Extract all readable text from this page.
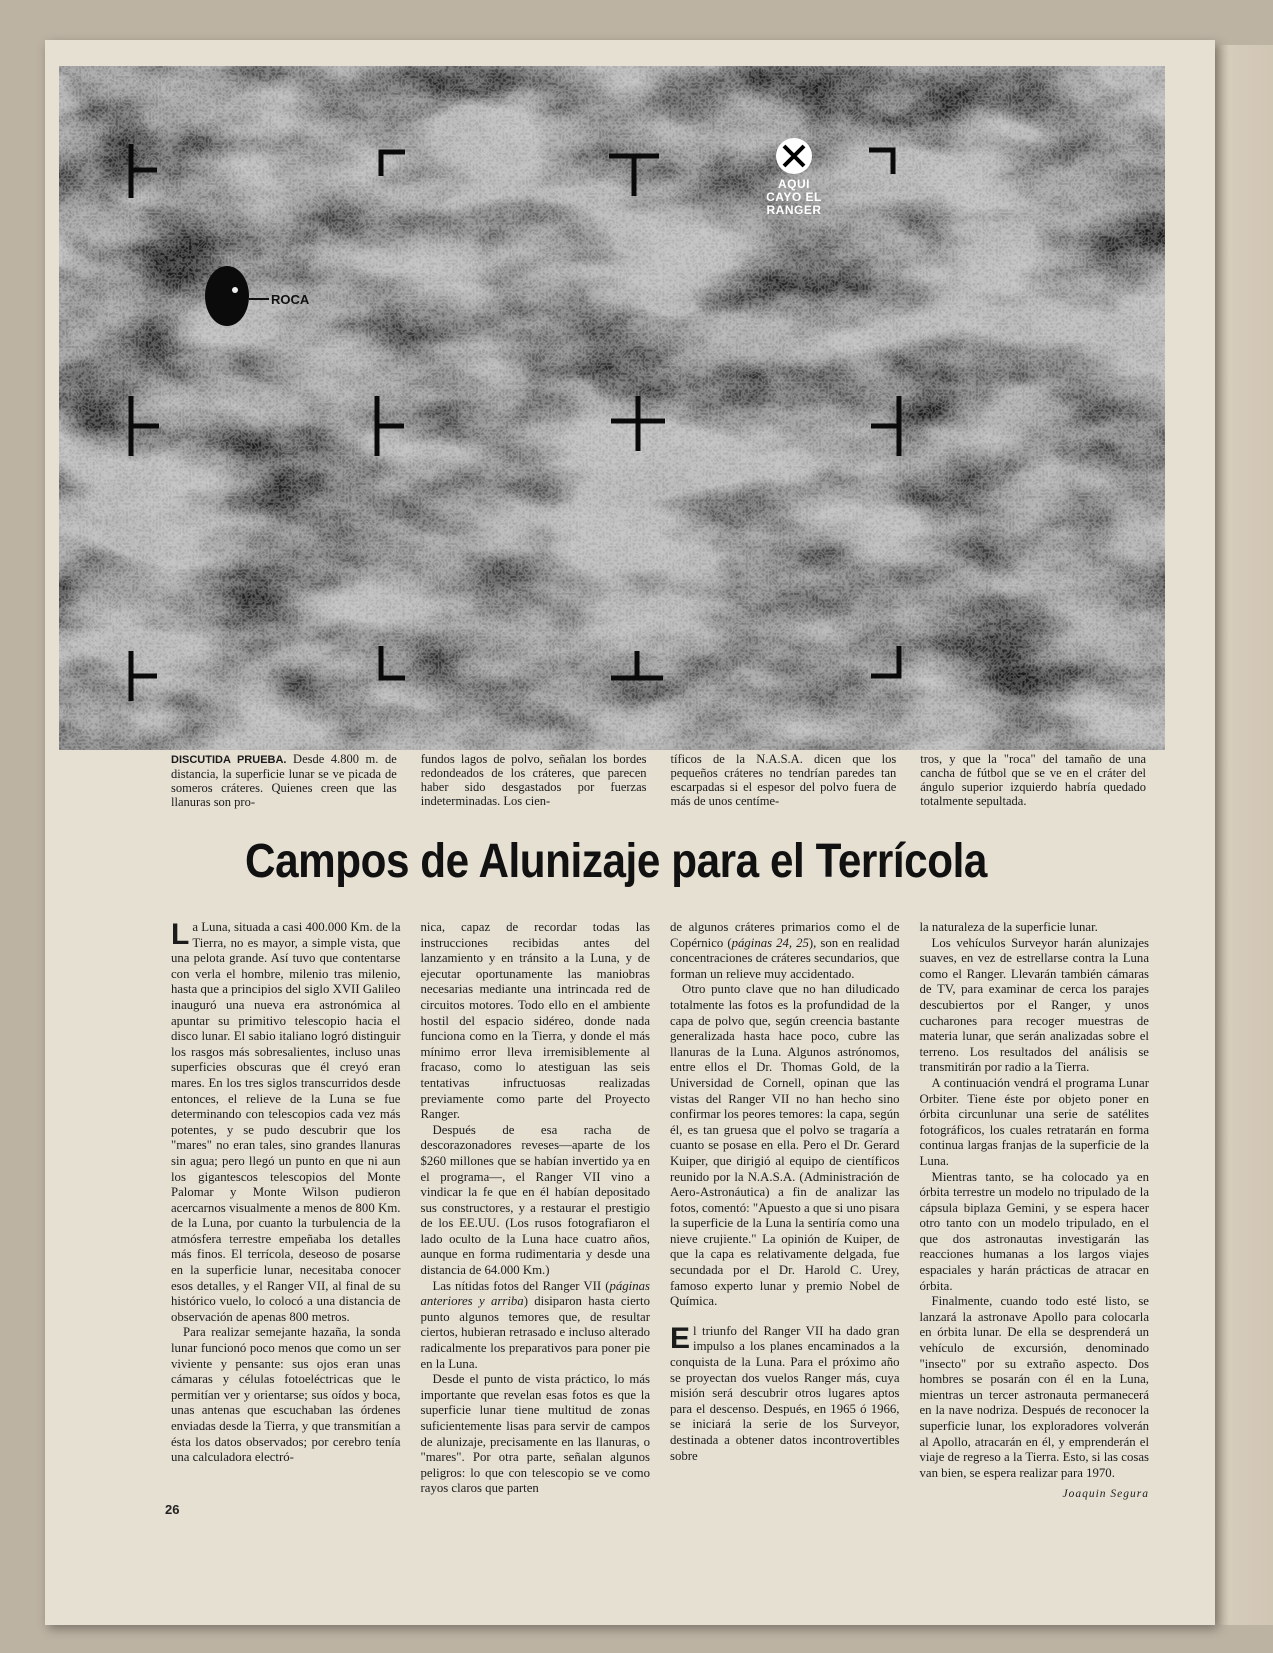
AQUI CAYO EL RANGER
ROCA
DISCUTIDA PRUEBA. Desde 4.800 m. de distancia, la superficie lunar se ve picada de someros cráteres. Quienes creen que las llanuras son pro-
fundos lagos de polvo, señalan los bordes redondeados de los cráteres, que parecen haber sido desgastados por fuerzas indeterminadas. Los cien-
tíficos de la N.A.S.A. dicen que los pequeños cráteres no tendrían paredes tan escarpadas si el espesor del polvo fuera de más de unos centíme-
tros, y que la "roca" del tamaño de una cancha de fútbol que se ve en el cráter del ángulo superior izquierdo habría quedado totalmente sepultada.
Campos de Alunizaje para el Terrícola

La Luna, situada a casi 400.000 Km. de la Tierra, no es mayor, a simple vista, que una pelota grande. Así tuvo que contentarse con verla el hombre, milenio tras milenio, hasta que a principios del siglo XVII Galileo inauguró una nueva era astronómica al apuntar su primitivo telescopio hacia el disco lunar. El sabio italiano logró distinguir los rasgos más sobresalientes, incluso unas superficies obscuras que él creyó eran mares. En los tres siglos transcurridos desde entonces, el relieve de la Luna se fue determinando con telescopios cada vez más potentes, y se pudo descubrir que los "mares" no eran tales, sino grandes llanuras sin agua; pero llegó un punto en que ni aun los gigantescos telescopios del Monte Palomar y Monte Wilson pudieron acercarnos visualmente a menos de 800 Km. de la Luna, por cuanto la turbulencia de la atmósfera terrestre empeñaba los detalles más finos. El terrícola, deseoso de posarse en la superficie lunar, necesitaba conocer esos detalles, y el Ranger VII, al final de su histórico vuelo, lo colocó a una distancia de observación de apenas 800 metros.

Para realizar semejante hazaña, la sonda lunar funcionó poco menos que como un ser viviente y pensante: sus ojos eran unas cámaras y células fotoeléctricas que le permitían ver y orientarse; sus oídos y boca, unas antenas que escuchaban las órdenes enviadas desde la Tierra, y que transmitían a ésta los datos observados; por cerebro tenía una calculadora electró-

nica, capaz de recordar todas las instrucciones recibidas antes del lanzamiento y en tránsito a la Luna, y de ejecutar oportunamente las maniobras necesarias mediante una intrincada red de circuitos motores. Todo ello en el ambiente hostil del espacio sidéreo, donde nada funciona como en la Tierra, y donde el más mínimo error lleva irremisiblemente al fracaso, como lo atestiguan las seis tentativas infructuosas realizadas previamente como parte del Proyecto Ranger.

Después de esa racha de descorazonadores reveses—aparte de los $260 millones que se habían invertido ya en el programa—, el Ranger VII vino a vindicar la fe que en él habían depositado sus constructores, y a restaurar el prestigio de los EE.UU. (Los rusos fotografiaron el lado oculto de la Luna hace cuatro años, aunque en forma rudimentaria y desde una distancia de 64.000 Km.)

Las nítidas fotos del Ranger VII (páginas anteriores y arriba) disiparon hasta cierto punto algunos temores que, de resultar ciertos, hubieran retrasado e incluso alterado radicalmente los preparativos para poner pie en la Luna.

Desde el punto de vista práctico, lo más importante que revelan esas fotos es que la superficie lunar tiene multitud de zonas suficientemente lisas para servir de campos de alunizaje, precisamente en las llanuras, o "mares". Por otra parte, señalan algunos peligros: lo que con telescopio se ve como rayos claros que parten

de algunos cráteres primarios como el de Copérnico (páginas 24, 25), son en realidad concentraciones de cráteres secundarios, que forman un relieve muy accidentado.

Otro punto clave que no han diludicado totalmente las fotos es la profundidad de la capa de polvo que, según creencia bastante generalizada hasta hace poco, cubre las llanuras de la Luna. Algunos astrónomos, entre ellos el Dr. Thomas Gold, de la Universidad de Cornell, opinan que las vistas del Ranger VII no han hecho sino confirmar los peores temores: la capa, según él, es tan gruesa que el polvo se tragaría a cuanto se posase en ella. Pero el Dr. Gerard Kuiper, que dirigió al equipo de científicos reunido por la N.A.S.A. (Administración de Aero-Astronáutica) a fin de analizar las fotos, comentó: "Apuesto a que si uno pisara la superficie de la Luna la sentiría como una nieve crujiente." La opinión de Kuiper, de que la capa es relativamente delgada, fue secundada por el Dr. Harold C. Urey, famoso experto lunar y premio Nobel de Química.

El triunfo del Ranger VII ha dado gran impulso a los planes encaminados a la conquista de la Luna. Para el próximo año se proyectan dos vuelos Ranger más, cuya misión será descubrir otros lugares aptos para el descenso. Después, en 1965 ó 1966, se iniciará la serie de los Surveyor, destinada a obtener datos incontrovertibles sobre

la naturaleza de la superficie lunar.

Los vehículos Surveyor harán alunizajes suaves, en vez de estrellarse contra la Luna como el Ranger. Llevarán también cámaras de TV, para examinar de cerca los parajes descubiertos por el Ranger, y unos cucharones para recoger muestras de materia lunar, que serán analizadas sobre el terreno. Los resultados del análisis se transmitirán por radio a la Tierra.

A continuación vendrá el programa Lunar Orbiter. Tiene éste por objeto poner en órbita circunlunar una serie de satélites fotográficos, los cuales retratarán en forma continua largas franjas de la superficie de la Luna.

Mientras tanto, se ha colocado ya en órbita terrestre un modelo no tripulado de la cápsula biplaza Gemini, y se espera hacer otro tanto con un modelo tripulado, en el que dos astronautas investigarán las reacciones humanas a los largos viajes espaciales y harán prácticas de atracar en órbita.

Finalmente, cuando todo esté listo, se lanzará la astronave Apollo para colocarla en órbita lunar. De ella se desprenderá un vehículo de excursión, denominado "insecto" por su extraño aspecto. Dos hombres se posarán con él en la Luna, mientras un tercer astronauta permanecerá en la nave nodriza. Después de reconocer la superficie lunar, los exploradores volverán al Apollo, atracarán en él, y emprenderán el viaje de regreso a la Tierra. Esto, si las cosas van bien, se espera realizar para 1970.

Joaquin Segura
26
